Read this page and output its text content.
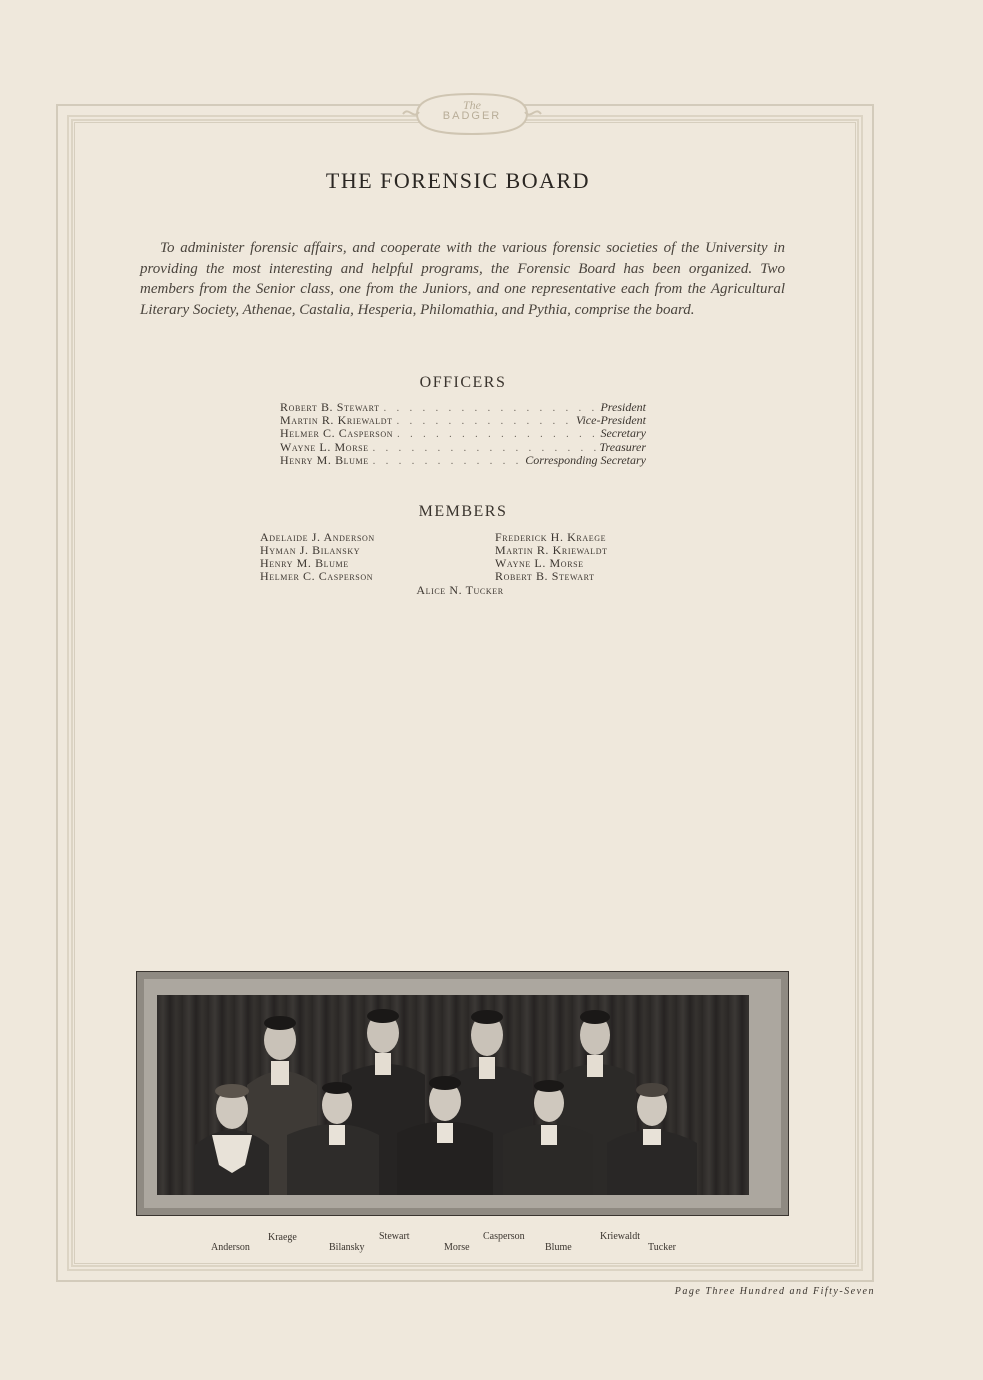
The
BADGER
THE FORENSIC BOARD

To administer forensic affairs, and cooperate with the various forensic societies of the University in providing the most interesting and helpful programs, the Forensic Board has been organized. Two members from the Senior class, one from the Juniors, and one representative each from the Agricultural Literary Society, Athenae, Castalia, Hesperia, Philomathia, and Pythia, comprise the board.

OFFICERS
Robert B. Stewart . . .	President
Martin R. Kriewaldt . . .	Vice-President
Helmer C. Casperson . . .	Secretary
Wayne L. Morse . . .	Treasurer
Henry M. Blume . . .	Corresponding Secretary
MEMBERS
Adelaide J. Anderson	Frederick H. Kraege
Hyman J. Bilansky	Martin R. Kriewaldt
Henry M. Blume	Wayne L. Morse
Helmer C. Casperson	Robert B. Stewart
Alice N. Tucker
Kraege	Stewart	Casperson	Kriewaldt
Anderson	Bilansky	Morse	Blume	Tucker
Page Three Hundred and Fifty-Seven
